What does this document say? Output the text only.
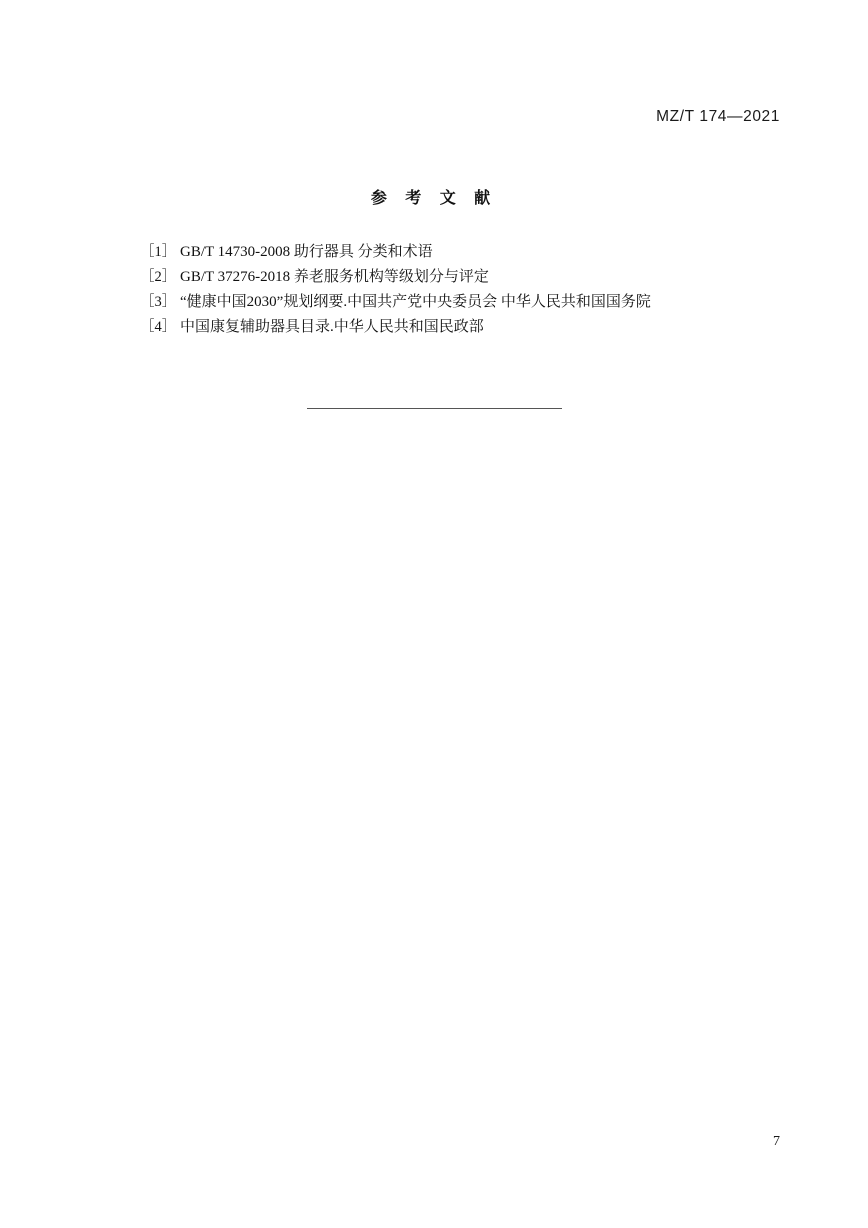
MZ/T 174—2021
参 考 文 献
［1］ GB/T 14730-2008 助行器具 分类和术语
［2］ GB/T 37276-2018 养老服务机构等级划分与评定
［3］ “健康中国2030”规划纲要.中国共产党中央委员会 中华人民共和国国务院
［4］ 中国康复辅助器具目录.中华人民共和国民政部
7
